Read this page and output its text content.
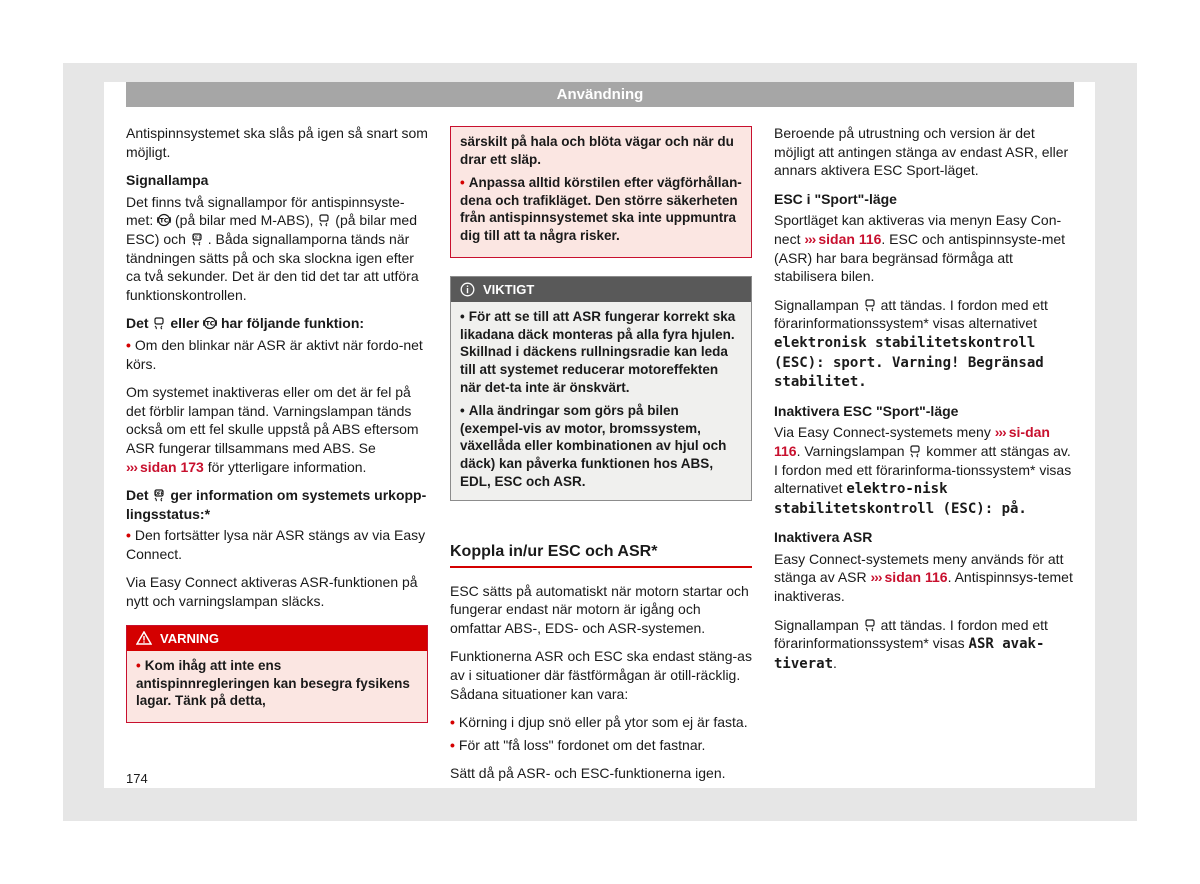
Användning

Antispinnsystemet ska slås på igen så snart som möjligt.

Signallampa

Det finns två signallampor för antispinnsyste-met: TC (på bilar med M-ABS), (på bilar med ESC) och OFF . Båda signallamporna tänds när tändningen sätts på och ska slockna igen efter ca två sekunder. Det är den tid det tar att utföra funktionskontrollen.

Det eller TC har följande funktion:

• Om den blinkar när ASR är aktivt när fordo-net körs.

Om systemet inaktiveras eller om det är fel på det förblir lampan tänd. Varningslampan tänds också om ett fel skulle uppstå på ABS eftersom ASR fungerar tillsammans med ABS. Se ››› sidan 173 för ytterligare information.

Det OFF ger information om systemets urkopp-lingsstatus:*

• Den fortsätter lysa när ASR stängs av via Easy Connect.

Via Easy Connect aktiveras ASR-funktionen på nytt och varningslampan släcks.

VARNING

• Kom ihåg att inte ens antispinnregleringen kan besegra fysikens lagar. Tänk på detta,

särskilt på hala och blöta vägar och när du drar ett släp.

• Anpassa alltid körstilen efter vägförhållan-dena och trafikläget. Den större säkerheten från antispinnsystemet ska inte uppmuntra dig till att ta några risker.

VIKTIGT

• För att se till att ASR fungerar korrekt ska likadana däck monteras på alla fyra hjulen. Skillnad i däckens rullningsradie kan leda till att systemet reducerar motoreffekten när det-ta inte är önskvärt.

• Alla ändringar som görs på bilen (exempel-vis av motor, bromssystem, växellåda eller kombinationen av hjul och däck) kan påverka funktionen hos ABS, EDL, ESC och ASR.

Koppla in/ur ESC och ASR*

ESC sätts på automatiskt när motorn startar och fungerar endast när motorn är igång och omfattar ABS-, EDS- och ASR-systemen.

Funktionerna ASR och ESC ska endast stäng-as av i situationer där fästförmågan är otill-räcklig. Sådana situationer kan vara:

• Körning i djup snö eller på ytor som ej är fasta.

• För att "få loss" fordonet om det fastnar.

Sätt då på ASR- och ESC-funktionerna igen.

Beroende på utrustning och version är det möjligt att antingen stänga av endast ASR, eller annars aktivera ESC Sport-läget.

ESC i "Sport"-läge

Sportläget kan aktiveras via menyn Easy Con-nect ››› sidan 116. ESC och antispinnsyste-met (ASR) har bara begränsad förmåga att stabilisera bilen.

Signallampan att tändas. I fordon med ett förarinformationssystem* visas alternativet elektronisk stabilitetskontroll (ESC): sport. Varning! Begränsad stabilitet.

Inaktivera ESC "Sport"-läge

Via Easy Connect-systemets meny ››› si-dan 116. Varningslampan kommer att stängas av. I fordon med ett förarinforma-tionssystem* visas alternativet elektro-nisk stabilitetskontroll (ESC): på.

Inaktivera ASR

Easy Connect-systemets meny används för att stänga av ASR ››› sidan 116. Antispinnsys-temet inaktiveras.

Signallampan att tändas. I fordon med ett förarinformationssystem* visas ASR avak-tiverat.

174
